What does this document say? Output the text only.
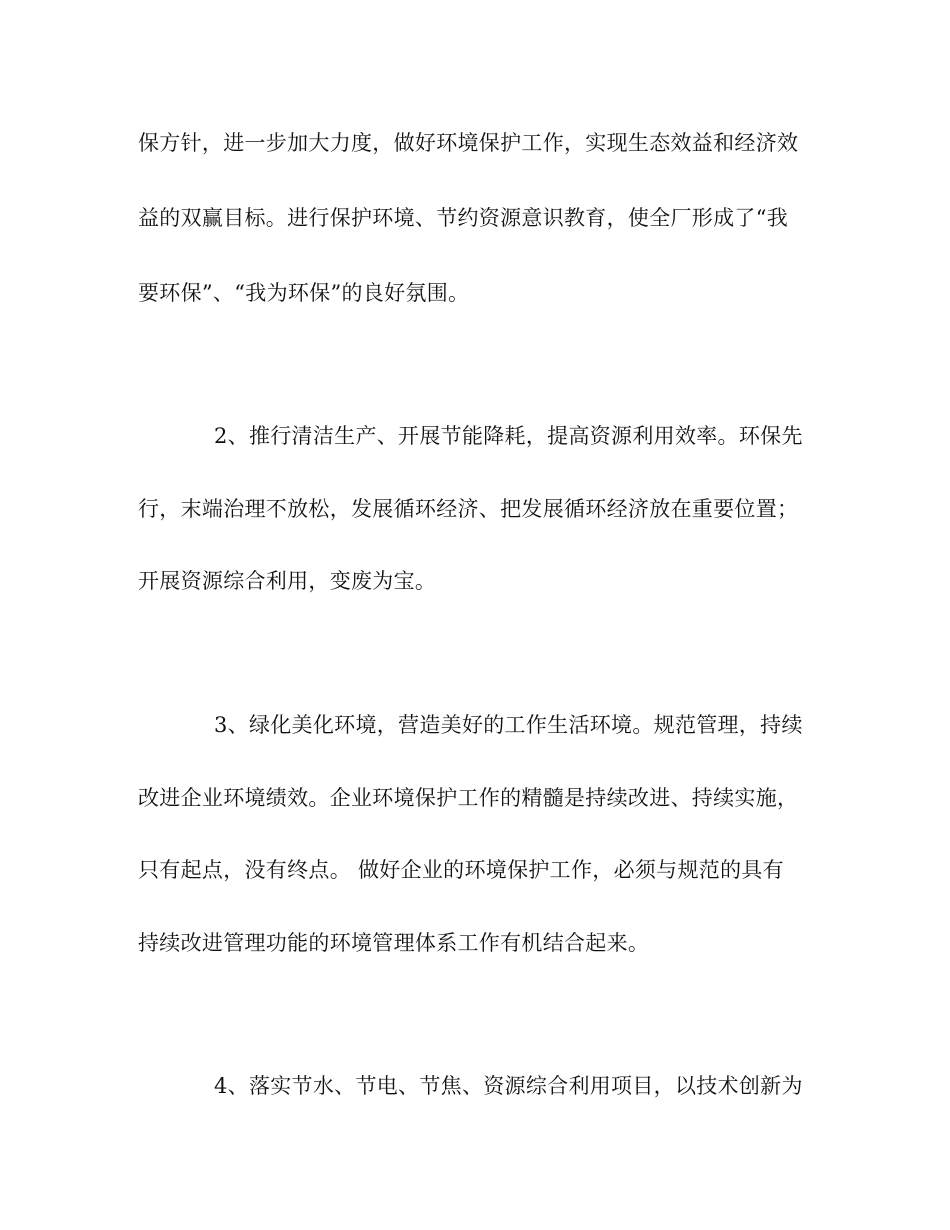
保方针，进一步加大力度，做好环境保护工作，实现生态效益和经济效

益的双赢目标。进行保护环境、节约资源意识教育，使全厂形成了“我

要环保”、“我为环保”的良好氛围。

2、推行清洁生产、开展节能降耗，提高资源利用效率。环保先

行，末端治理不放松，发展循环经济、把发展循环经济放在重要位置；

开展资源综合利用，变废为宝。

3、绿化美化环境，营造美好的工作生活环境。规范管理，持续

改进企业环境绩效。企业环境保护工作的精髓是持续改进、持续实施，

只有起点，没有终点。 做好企业的环境保护工作，必须与规范的具有

持续改进管理功能的环境管理体系工作有机结合起来。

4、落实节水、节电、节焦、资源综合利用项目，以技术创新为
